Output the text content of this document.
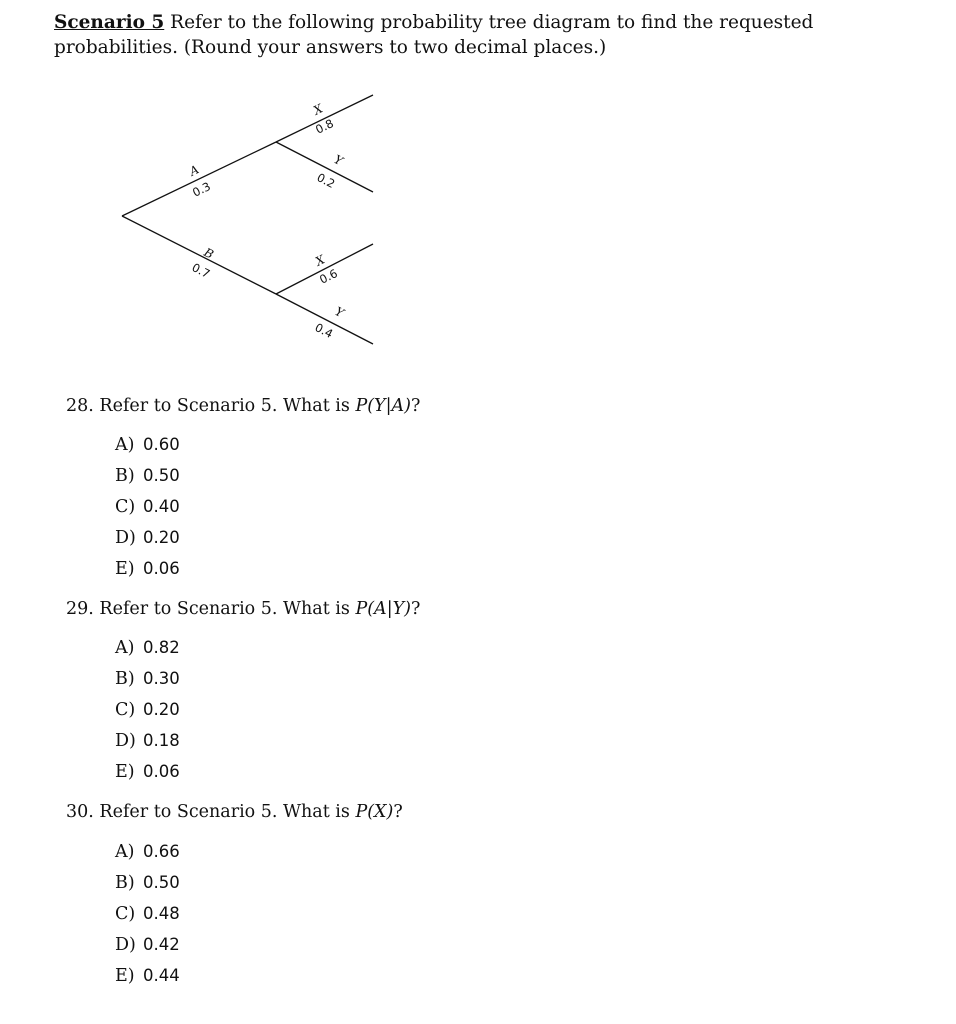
Scenario 5 Refer to the following probability tree diagram to find the requested probabilities. (Round your answers to two decimal places.)
A
0.3
B
0.7
X
0.8
Y
0.2
X
0.6
Y
0.4
28. Refer to Scenario 5. What is P(Y|A)?
A) 0.60
B) 0.50
C) 0.40
D) 0.20
E) 0.06
29. Refer to Scenario 5. What is P(A|Y)?
A) 0.82
B) 0.30
C) 0.20
D) 0.18
E) 0.06
30. Refer to Scenario 5. What is P(X)?
A) 0.66
B) 0.50
C) 0.48
D) 0.42
E) 0.44
